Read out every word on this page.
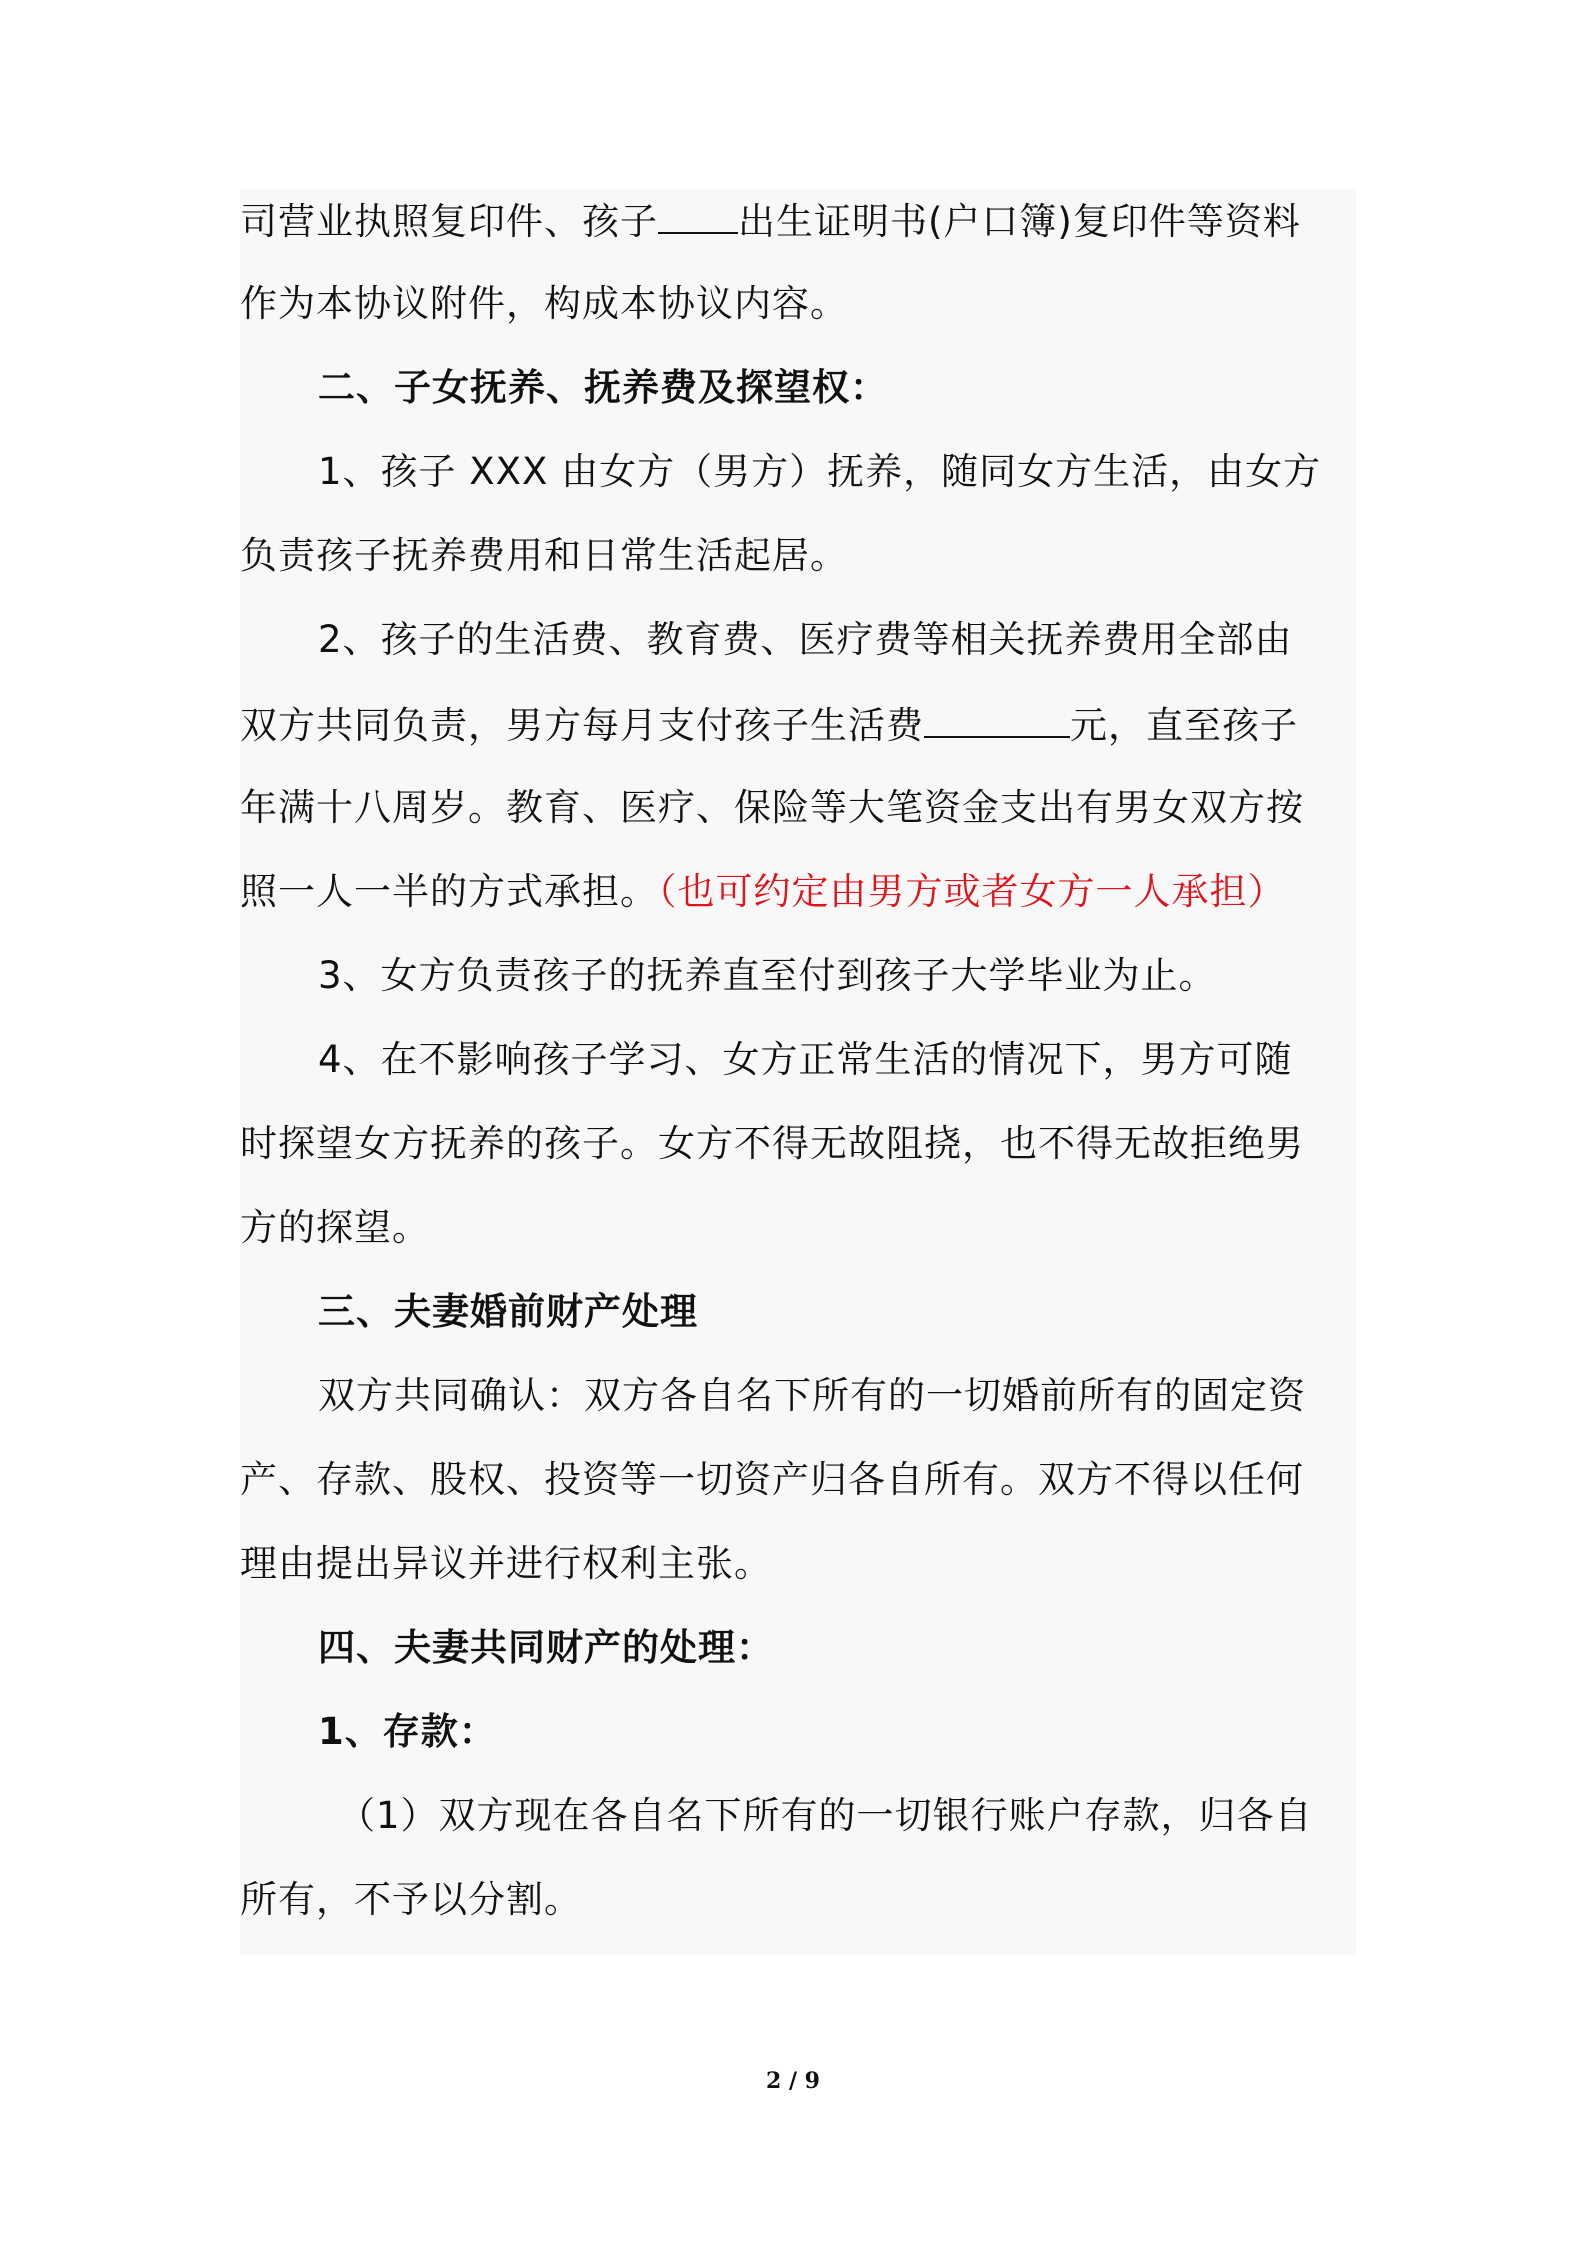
司营业执照复印件、孩子 出生证明书(户口簿)复印件等资料
作为本协议附件，构成本协议内容。
二、子女抚养、抚养费及探望权：
1、孩子 XXX 由女方（男方）抚养，随同女方生活，由女方
负责孩子抚养费用和日常生活起居。
2、孩子的生活费、教育费、医疗费等相关抚养费用全部由
双方共同负责，男方每月支付孩子生活费	元，直至孩子
年满十八周岁。教育、医疗、保险等大笔资金支出有男女双方按
照一人一半的方式承担。（也可约定由男方或者女方一人承担）
3、女方负责孩子的抚养直至付到孩子大学毕业为止。
4、在不影响孩子学习、女方正常生活的情况下，男方可随
时探望女方抚养的孩子。女方不得无故阻挠，也不得无故拒绝男
方的探望。
三、夫妻婚前财产处理
双方共同确认：双方各自名下所有的一切婚前所有的固定资
产、存款、股权、投资等一切资产归各自所有。双方不得以任何
理由提出异议并进行权利主张。
四、夫妻共同财产的处理：
1、存款：
（1）双方现在各自名下所有的一切银行账户存款，归各自
所有，不予以分割。
2 / 9
